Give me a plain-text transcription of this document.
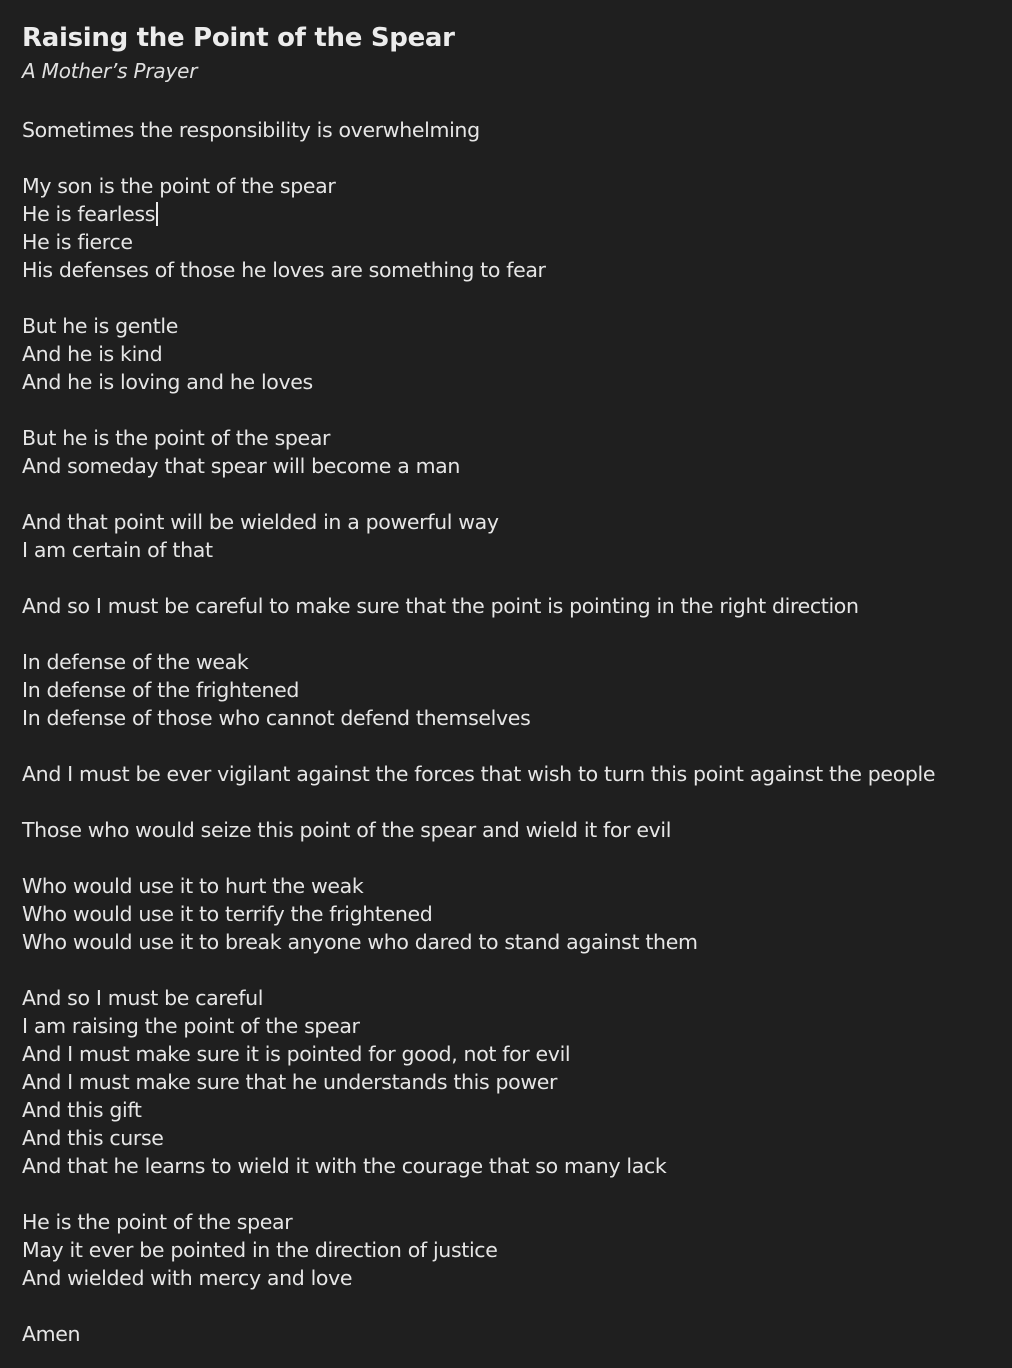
Raising the Point of the Spear
A Mother’s Prayer
Sometimes the responsibility is overwhelming
My son is the point of the spear
He is fearless
He is fierce
His defenses of those he loves are something to fear
But he is gentle
And he is kind
And he is loving and he loves
But he is the point of the spear
And someday that spear will become a man
And that point will be wielded in a powerful way
I am certain of that
And so I must be careful to make sure that the point is pointing in the right direction
In defense of the weak
In defense of the frightened
In defense of those who cannot defend themselves
And I must be ever vigilant against the forces that wish to turn this point against the people
Those who would seize this point of the spear and wield it for evil
Who would use it to hurt the weak
Who would use it to terrify the frightened
Who would use it to break anyone who dared to stand against them
And so I must be careful
I am raising the point of the spear
And I must make sure it is pointed for good, not for evil
And I must make sure that he understands this power
And this gift
And this curse
And that he learns to wield it with the courage that so many lack
He is the point of the spear
May it ever be pointed in the direction of justice
And wielded with mercy and love
Amen
